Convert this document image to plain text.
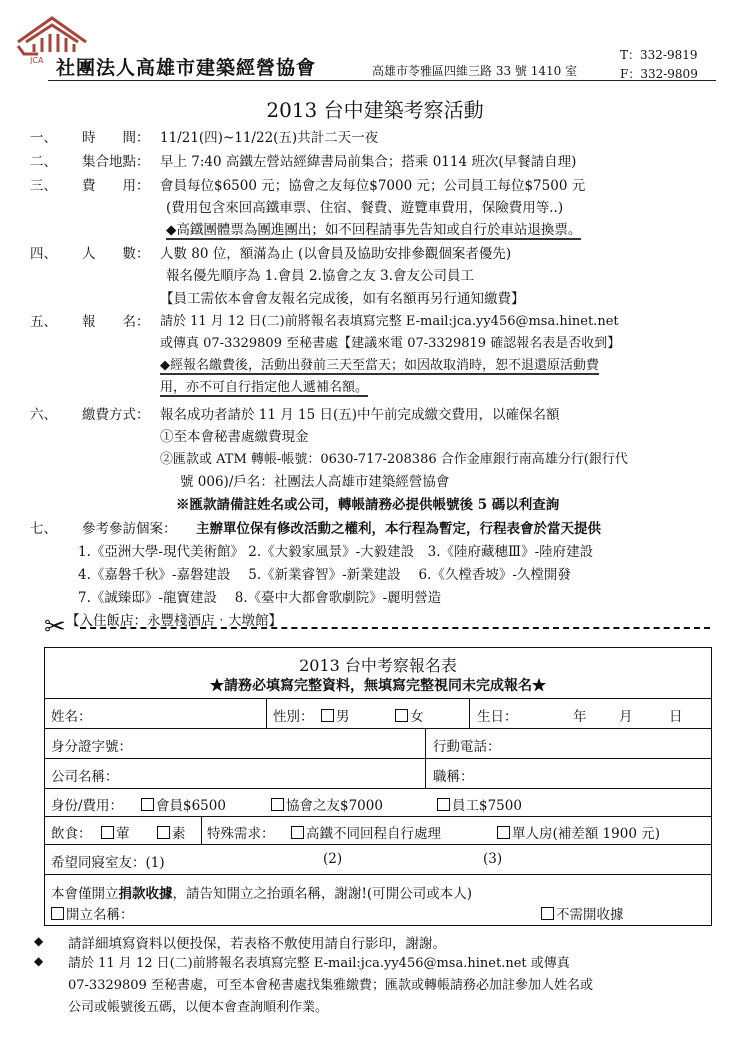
JCA 社團法人高雄市建築經營協會	高雄市苓雅區四維三路 33 號 1410 室
T：332-9819
F：332-9809
2013 台中建築考察活動
一、 時　　間： 11/21(四)~11/22(五)共計二天一夜
二、 集合地點： 早上 7:40 高鐵左營站經緯書局前集合；搭乘 0114 班次(早餐請自理)
三、 費　　用： 會員每位$6500 元；協會之友每位$7000 元；公司員工每位$7500 元
(費用包含來回高鐵車票、住宿、餐費、遊覽車費用，保險費用等..)
◆高鐵團體票為團進團出；如不回程請事先告知或自行於車站退換票。
四、 人　　數： 人數 80 位，額滿為止 (以會員及協助安排參觀個案者優先)
報名優先順序為 1.會員 2.協會之友 3.會友公司員工
【員工需依本會會友報名完成後，如有名額再另行通知繳費】
五、 報　　名： 請於 11 月 12 日(二)前將報名表填寫完整 E-mail:jca.yy456@msa.hinet.net
或傳真 07-3329809 至秘書處【建議來電 07-3329819 確認報名表是否收到】
◆經報名繳費後，活動出發前三天至當天；如因故取消時，恕不退還原活動費
用，亦不可自行指定他人遞補名額。
六、 繳費方式： 報名成功者請於 11 月 15 日(五)中午前完成繳交費用，以確保名額
①至本會秘書處繳費現金
②匯款或 ATM 轉帳-帳號：0630-717-208386 合作金庫銀行南高雄分行(銀行代
號 006)/戶名：社團法人高雄市建築經營協會
※匯款請備註姓名或公司，轉帳請務必提供帳號後 5 碼以利查詢
七、 參考參訪個案： 主辦單位保有修改活動之權利，本行程為暫定，行程表會於當天提供
1.《亞洲大學-現代美術館》 2.《大毅家風景》-大毅建設　3.《陸府藏穗Ⅲ》-陸府建設
4.《嘉磐千秋》-嘉磐建設　 5.《新業睿智》-新業建設　 6.《久樘香坡》-久樘開發
7.《誠臻邸》-龍寶建設　 8.《臺中大都會歌劇院》-麗明營造
【入住飯店：永豐棧酒店‧大墩館】
✂
2013 台中考察報名表
★請務必填寫完整資料，無填寫完整視同未完成報名★
姓名：	性別：	男	女	生日：	年 月	日
身分證字號：	行動電話：
公司名稱：	職稱：
身份/費用：	會員$6500	協會之友$7000	員工$7500
飲食：	葷	素 特殊需求：	高鐵不同回程自行處理	單人房(補差額 1900 元)
希望同寢室友：(1)	(2)	(3)
本會僅開立捐款收據，請告知開立之抬頭名稱，謝謝!(可開公司或本人)
開立名稱：	不需開收據
◆ 請詳細填寫資料以便投保，若表格不敷使用請自行影印，謝謝。
◆ 請於 11 月 12 日(二)前將報名表填寫完整 E-mail:jca.yy456@msa.hinet.net 或傳真
07-3329809 至秘書處，可至本會秘書處找集雅繳費；匯款或轉帳請務必加註參加人姓名或
公司或帳號後五碼，以便本會查詢順利作業。
